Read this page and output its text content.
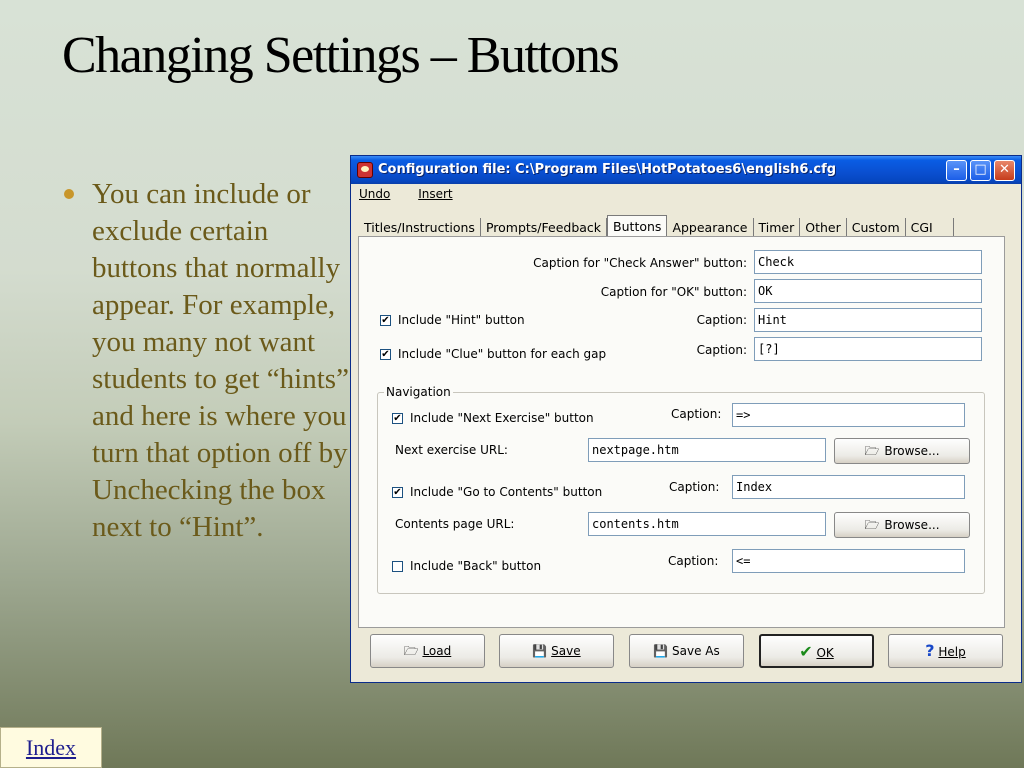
Changing Settings – Buttons
You can include or exclude certain buttons that normally appear. For example, you many not want students to get “hints” and here is where you turn that option off by Unchecking the box next to “Hint”.
Index
Configuration file: C:\Program Files\HotPotatoes6\english6.cfg	–	□ ✕
Undo Insert
Titles/Instructions Prompts/Feedback Buttons Appearance Timer Other Custom CGI
Caption for "Check Answer" button: Check
Caption for "OK" button: OK
✔ Include "Hint" button	Caption: Hint
✔ Include "Clue" button for each gap	Caption: [?]
Navigation
✔ Include "Next Exercise" button	Caption:	=>
Next exercise URL:	nextpage.htm	🗁 Browse...
✔ Include "Go to Contents" button	Caption:	Index
Contents page URL:	contents.htm	🗁 Browse...
Include "Back" button	Caption:	<=
🗁 Load	💾 Save	💾 Save As	✔ OK	? Help
